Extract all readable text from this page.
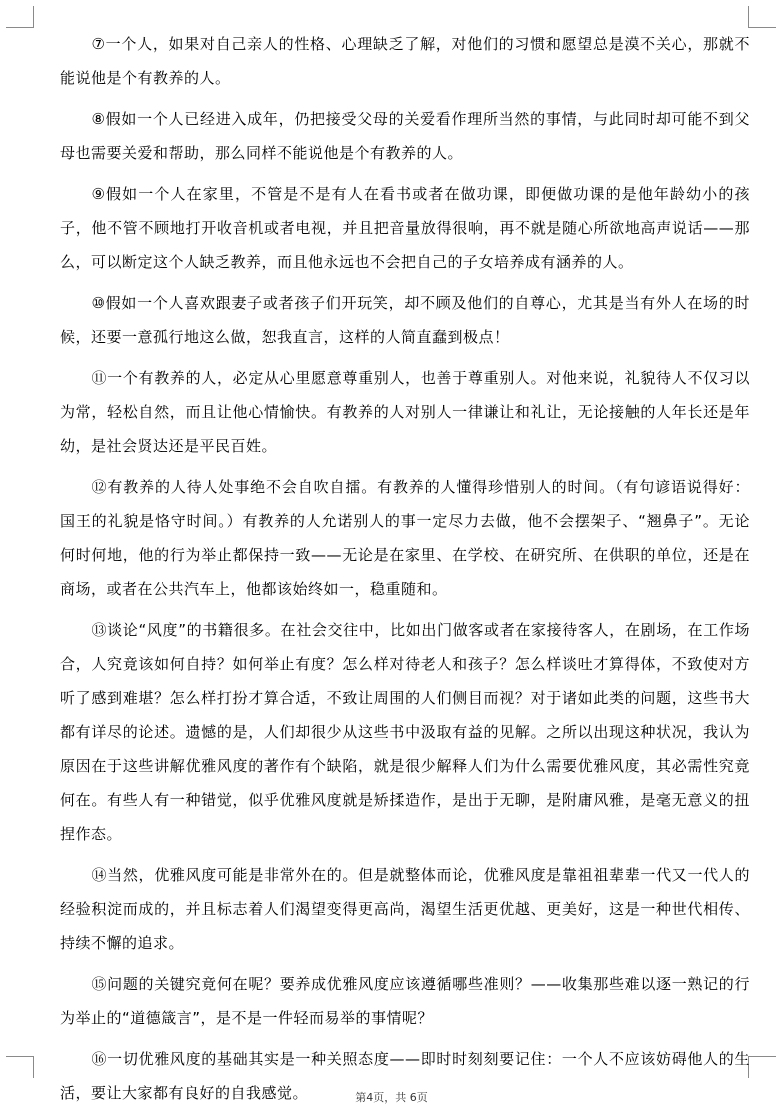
⑦一个人，如果对自己亲人的性格、心理缺乏了解，对他们的习惯和愿望总是漠不关心，那就不能说他是个有教养的人。

⑧假如一个人已经进入成年，仍把接受父母的关爱看作理所当然的事情，与此同时却可能不到父母也需要关爱和帮助，那么同样不能说他是个有教养的人。

⑨假如一个人在家里，不管是不是有人在看书或者在做功课，即便做功课的是他年龄幼小的孩子，他不管不顾地打开收音机或者电视，并且把音量放得很响，再不就是随心所欲地高声说话——那么，可以断定这个人缺乏教养，而且他永远也不会把自己的子女培养成有涵养的人。

⑩假如一个人喜欢跟妻子或者孩子们开玩笑，却不顾及他们的自尊心，尤其是当有外人在场的时候，还要一意孤行地这么做，恕我直言，这样的人简直蠢到极点！

⑪一个有教养的人，必定从心里愿意尊重别人，也善于尊重别人。对他来说，礼貌待人不仅习以为常，轻松自然，而且让他心情愉快。有教养的人对别人一律谦让和礼让，无论接触的人年长还是年幼，是社会贤达还是平民百姓。

⑫有教养的人待人处事绝不会自吹自擂。有教养的人懂得珍惜别人的时间。（有句谚语说得好：国王的礼貌是恪守时间。）有教养的人允诺别人的事一定尽力去做，他不会摆架子、“翘鼻子”。无论何时何地，他的行为举止都保持一致——无论是在家里、在学校、在研究所、在供职的单位，还是在商场，或者在公共汽车上，他都该始终如一，稳重随和。

⑬谈论“风度”的书籍很多。在社会交往中，比如出门做客或者在家接待客人，在剧场，在工作场合，人究竟该如何自持？如何举止有度？怎么样对待老人和孩子？怎么样谈吐才算得体，不致使对方听了感到难堪？怎么样打扮才算合适，不致让周围的人们侧目而视？对于诸如此类的问题，这些书大都有详尽的论述。遗憾的是，人们却很少从这些书中汲取有益的见解。之所以出现这种状况，我认为原因在于这些讲解优雅风度的著作有个缺陷，就是很少解释人们为什么需要优雅风度，其必需性究竟何在。有些人有一种错觉，似乎优雅风度就是矫揉造作，是出于无聊，是附庸风雅，是毫无意义的扭捏作态。

⑭当然，优雅风度可能是非常外在的。但是就整体而论，优雅风度是靠祖祖辈辈一代又一代人的经验积淀而成的，并且标志着人们渴望变得更高尚，渴望生活更优越、更美好，这是一种世代相传、持续不懈的追求。

⑮问题的关键究竟何在呢？要养成优雅风度应该遵循哪些准则？——收集那些难以逐一熟记的行为举止的“道德箴言”，是不是一件轻而易举的事情呢？

⑯一切优雅风度的基础其实是一种关照态度——即时时刻刻要记住：一个人不应该妨碍他人的生活，要让大家都有良好的自我感觉。	第4页，共 6页
